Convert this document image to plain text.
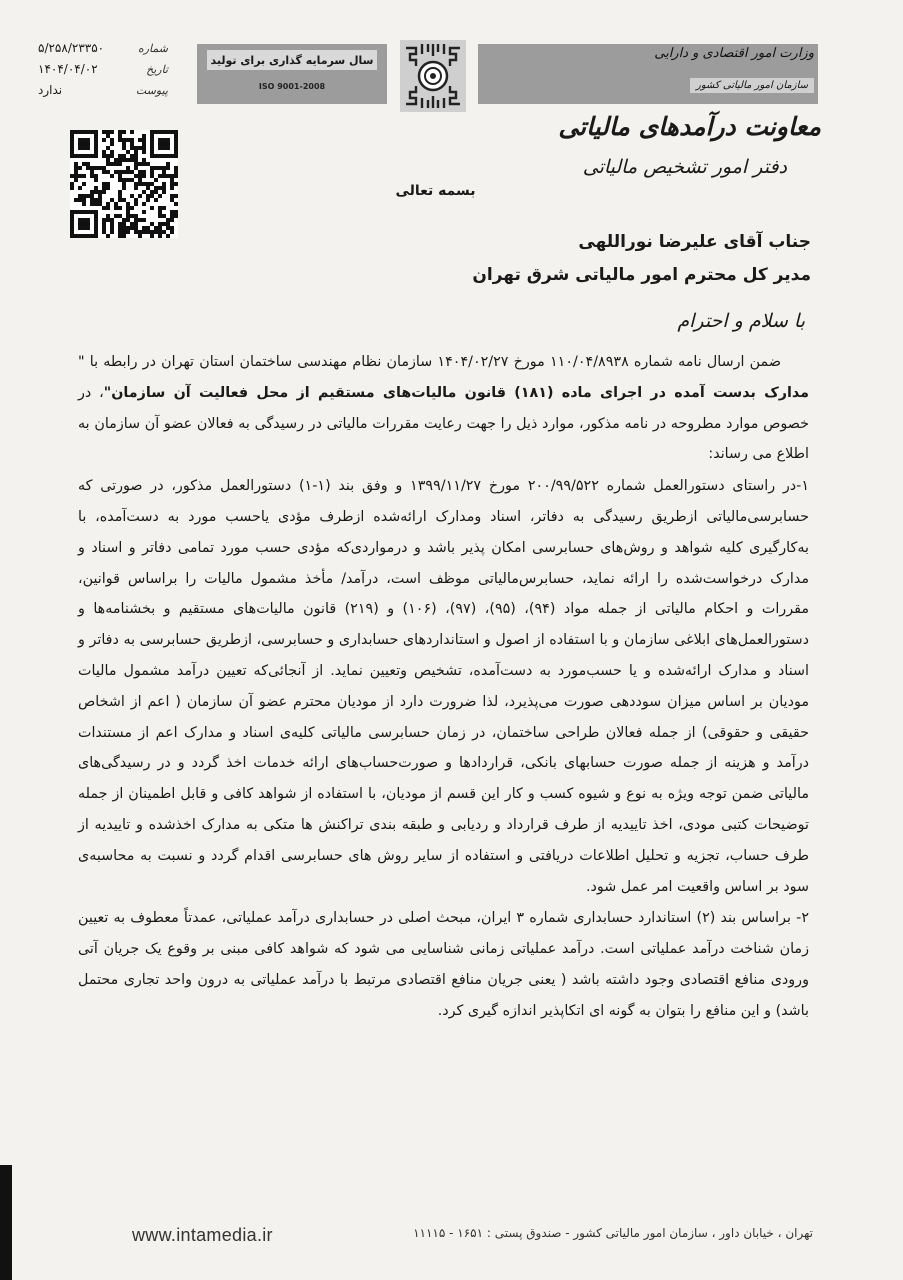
شماره
۵/۲۵۸/۲۳۳۵۰
تاریخ
۱۴۰۴/۰۴/۰۲
پیوست
ندارد
سال سرمایه گذاری برای تولید
ISO 9001-2008
وزارت امور اقتصادی و دارایی
سازمان امور مالیاتی کشور
معاونت درآمدهای مالیاتی
دفتر امور تشخیص مالیاتی
بسمه تعالی
جناب آقای علیرضا نوراللهی
مدیر کل محترم امور مالیاتی شرق تهران
با سلام و احترام

ضمن ارسال نامه شماره ۱۱۰/۰۴/۸۹۳۸ مورخ ۱۴۰۴/۰۲/۲۷ سازمان نظام مهندسی ساختمان استان تهران در رابطه با " مدارک بدست آمده در اجرای ماده (۱۸۱) قانون مالیات‌های مستقیم از محل فعالیت آن سازمان"، در خصوص موارد مطروحه در نامه مذکور، موارد ذیل را جهت رعایت مقررات مالیاتی در رسیدگی به فعالان عضو آن سازمان به اطلاع می رساند:

۱-در راستای دستورالعمل شماره ۲۰۰/۹۹/۵۲۲ مورخ ۱۳۹۹/۱۱/۲۷ و وفق بند (۱-۱) دستورالعمل مذکور، در صورتی که حسابرسی‌مالیاتی ازطریق رسیدگی به دفاتر، اسناد ومدارک ارائه‌شده ازطرف مؤدی یاحسب مورد به دست‌آمده، با به‌کارگیری کلیه شواهد و روش‌های حسابرسی امکان پذیر باشد و درمواردی‌که مؤدی حسب مورد تمامی دفاتر و اسناد و مدارک درخواست‌شده را ارائه نماید، حسابرس‌مالیاتی موظف است، درآمد/ مأخذ مشمول مالیات را براساس قوانین، مقررات و احکام مالیاتی از جمله مواد (۹۴)، (۹۵)، (۹۷)، (۱۰۶) و (۲۱۹) قانون مالیات‌های مستقیم و بخشنامه‌ها و دستورالعمل‌های ابلاغی سازمان و با استفاده از اصول و استانداردهای حسابداری و حسابرسی، ازطریق حسابرسی به دفاتر و اسناد و مدارک ارائه‌شده و یا حسب‌مورد به دست‌آمده، تشخیص وتعیین نماید. از آنجائی‌که تعیین درآمد مشمول مالیات مودیان بر اساس میزان سوددهی صورت می‌پذیرد، لذا ضرورت دارد از مودیان محترم عضو آن سازمان ( اعم از اشخاص حقیقی و حقوقی) از جمله فعالان طراحی ساختمان، در زمان حسابرسی مالیاتی کلیه‌ی اسناد و مدارک اعم از مستندات درآمد و هزینه از جمله صورت حسابهای بانکی، قراردادها و صورت‌حساب‌های ارائه خدمات اخذ گردد و در رسیدگی‌های مالیاتی ضمن توجه ویژه به نوع و شیوه کسب و کار این قسم از مودیان، با استفاده از شواهد کافی و قابل اطمینان از جمله توضیحات کتبی مودی، اخذ تاییدیه از طرف قرارداد و ردیابی و طبقه بندی تراکنش ها متکی به مدارک اخذشده و تاییدیه از طرف حساب، تجزیه و تحلیل اطلاعات دریافتی و استفاده از سایر روش های حسابرسی اقدام گردد و نسبت به محاسبه‌ی سود بر اساس واقعیت امر عمل شود.

۲- براساس بند (۲) استاندارد حسابداری شماره ۳ ایران، مبحث اصلی در حسابداری درآمد عملیاتی، عمدتاً معطوف به تعیین زمان شناخت درآمد عملیاتی است. درآمد عملیاتی زمانی شناسایی می شود که شواهد کافی مبنی بر وقوع یک جریان آتی ورودی منافع اقتصادی وجود داشته باشد ( یعنی جریان منافع اقتصادی مرتبط با درآمد عملیاتی به درون واحد تجاری محتمل باشد) و این منافع را بتوان به گونه ای اتکاپذیر اندازه گیری کرد.

www.intamedia.ir	تهران ، خیابان داور ، سازمان امور مالیاتی کشور - صندوق پستی : ۱۶۵۱ - ۱۱۱۱۵
